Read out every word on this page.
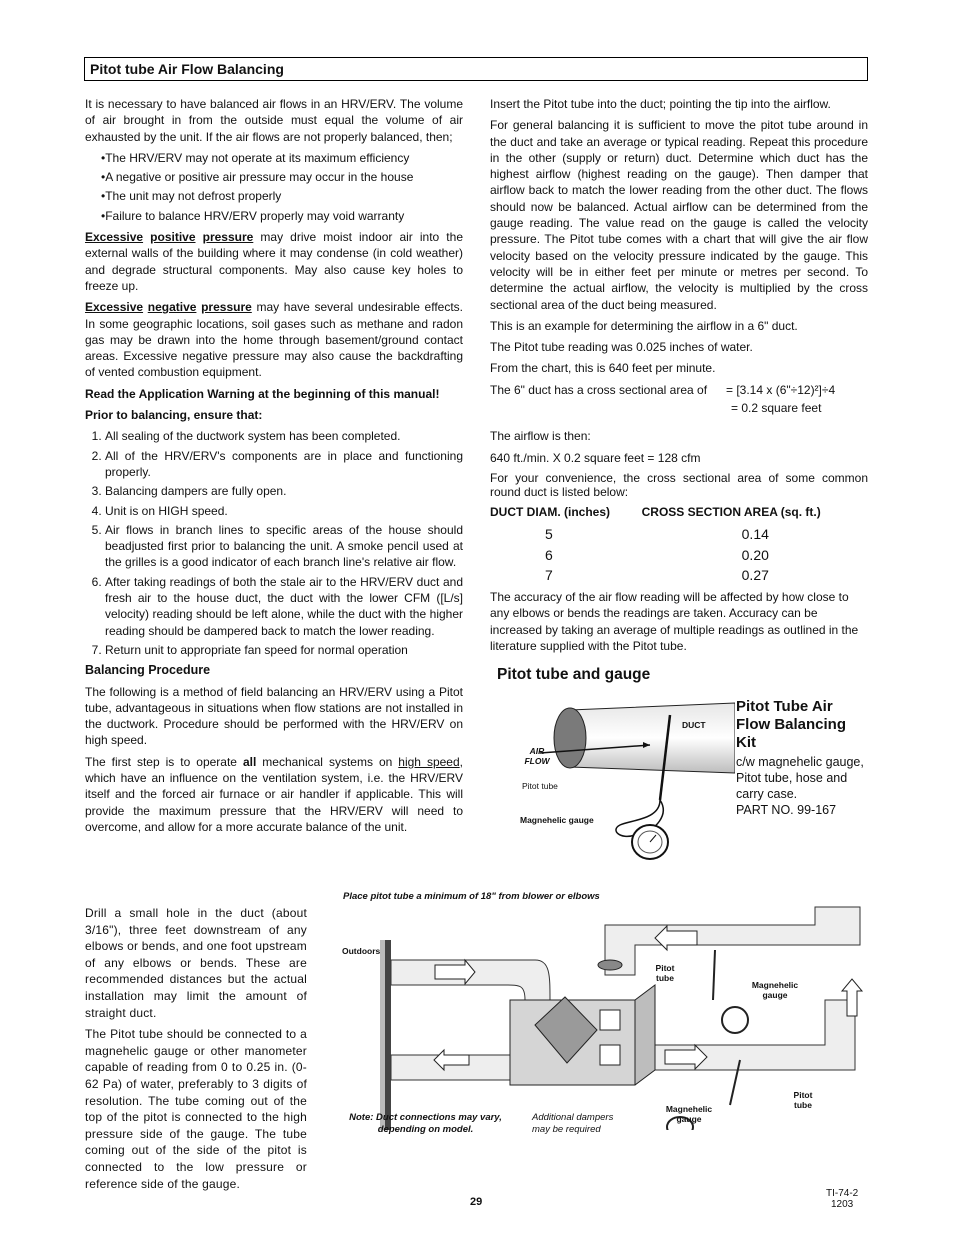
Pitot tube Air Flow Balancing

It is necessary to have balanced air flows in an HRV/ERV. The volume of air brought in from the outside must equal the volume of air exhausted by the unit. If the air flows are not properly balanced, then;

• The HRV/ERV may not operate at its maximum efficiency
• A negative or positive air pressure may occur in the house
• The unit may not defrost properly
• Failure to balance HRV/ERV properly may void warranty

Excessive positive pressure may drive moist indoor air into the external walls of the building where it may condense (in cold weather) and degrade structural components. May also cause key holes to freeze up.

Excessive negative pressure may have several undesirable effects. In some geographic locations, soil gases such as methane and radon gas may be drawn into the home through basement/ground contact areas. Excessive negative pressure may also cause the backdrafting of vented combustion equipment.

Read the Application Warning at the beginning of this manual!

Prior to balancing, ensure that:

1. All sealing of the ductwork system has been completed.
2. All of the HRV/ERV's components are in place and functioning properly.
3. Balancing dampers are fully open.
4. Unit is on HIGH speed.
5. Air flows in branch lines to specific areas of the house should beadjusted first prior to balancing the unit. A smoke pencil used at the grilles is a good indicator of each branch line's relative air flow.
6. After taking readings of both the stale air to the HRV/ERV duct and fresh air to the house duct, the duct with the lower CFM ([L/s] velocity) reading should be left alone, while the duct with the higher reading should be dampered back to match the lower reading.
7. Return unit to appropriate fan speed for normal operation
Balancing Procedure

The following is a method of field balancing an HRV/ERV using a Pitot tube, advantageous in situations when flow stations are not installed in the ductwork. Procedure should be performed with the HRV/ERV on high speed.

The first step is to operate all mechanical systems on high speed, which have an influence on the ventilation system, i.e. the HRV/ERV itself and the forced air furnace or air handler if applicable. This will provide the maximum pressure that the HRV/ERV will need to overcome, and allow for a more accurate balance of the unit.

Drill a small hole in the duct (about 3/16"), three feet downstream of any elbows or bends, and one foot upstream of any elbows or bends. These are recommended distances but the actual installation may limit the amount of straight duct.

The Pitot tube should be connected to a magnehelic gauge or other manometer capable of reading from 0 to 0.25 in. (0-62 Pa) of water, preferably to 3 digits of resolution. The tube coming out of the top of the pitot is connected to the high pressure side of the gauge. The tube coming out of the side of the pitot is connected to the low pressure or reference side of the gauge.

Insert the Pitot tube into the duct; pointing the tip into the airflow.

For general balancing it is sufficient to move the pitot tube around in the duct and take an average or typical reading. Repeat this procedure in the other (supply or return) duct. Determine which duct has the highest airflow (highest reading on the gauge). Then damper that airflow back to match the lower reading from the other duct. The flows should now be balanced. Actual airflow can be determined from the gauge reading. The value read on the gauge is called the velocity pressure. The Pitot tube comes with a chart that will give the air flow velocity based on the velocity pressure indicated by the gauge. This velocity will be in either feet per minute or metres per second. To determine the actual airflow, the velocity is multiplied by the cross sectional area of the duct being measured.

This is an example for determining the airflow in a 6" duct.

The Pitot tube reading was 0.025 inches of water.

From the chart, this is 640 feet per minute.

The 6" duct has a cross sectional area of	= [3.14 x (6"÷12)²]÷4
= 0.2 square feet

The airflow is then:

640 ft./min. X 0.2 square feet = 128 cfm

For your convenience, the cross sectional area of some common round duct is listed below:

DUCT DIAM. (inches)	CROSS SECTION AREA (sq. ft.)
5	0.14
6	0.20
7	0.27

The accuracy of the air flow reading will be affected by how close to any elbows or bends the readings are taken. Accuracy can be increased by taking an average of multiple readings as outlined in the literature supplied with the Pitot tube.

Pitot tube and gauge
DUCT
AIR FLOW
Pitot tube
Magnehelic gauge
Pitot Tube Air Flow Balancing Kit
c/w magnehelic gauge, Pitot tube, hose and carry case.
PART NO. 99-167
Place pitot tube a minimum of 18" from blower or elbows
Outdoors
Pitot tube
Magnehelic gauge
Pitot tube
Magnehelic gauge
Additional dampers may be required
Note: Duct connections may vary, depending on model.
29
TI-74-2
1203
